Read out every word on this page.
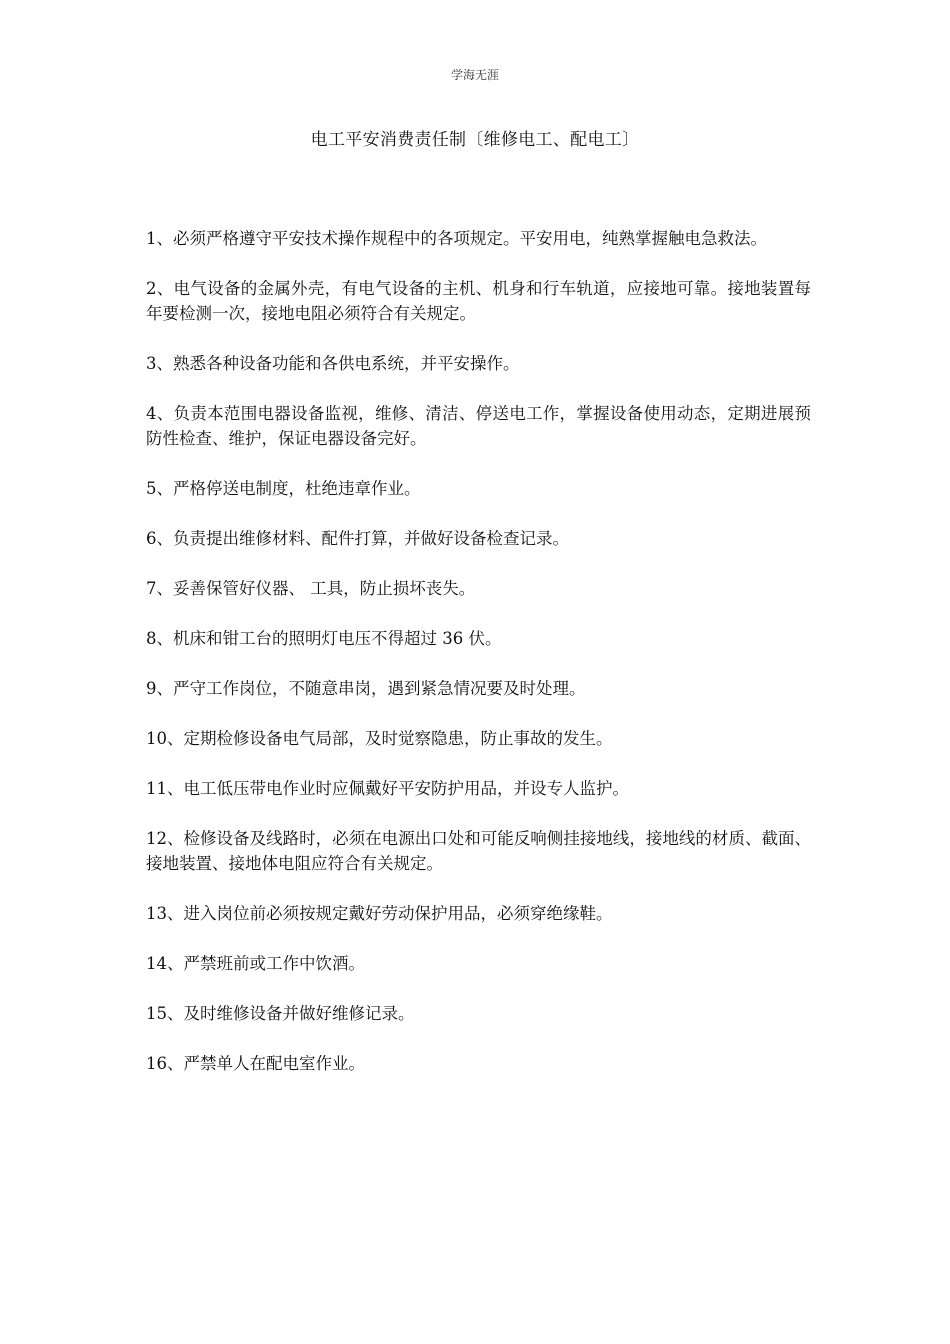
学海无涯
电工平安消费责任制〔维修电工、配电工〕
1、必须严格遵守平安技术操作规程中的各项规定。平安用电，纯熟掌握触电急救法。
2、电气设备的金属外壳，有电气设备的主机、机身和行车轨道，应接地可靠。接地装置每年要检测一次，接地电阻必须符合有关规定。
3、熟悉各种设备功能和各供电系统，并平安操作。
4、负责本范围电器设备监视，维修、清洁、停送电工作，掌握设备使用动态，定期进展预防性检查、维护，保证电器设备完好。
5、严格停送电制度，杜绝违章作业。
6、负责提出维修材料、配件打算，并做好设备检查记录。
7、妥善保管好仪器、 工具，防止损坏丧失。
8、机床和钳工台的照明灯电压不得超过 36 伏。
9、严守工作岗位，不随意串岗，遇到紧急情况要及时处理。
10、定期检修设备电气局部，及时觉察隐患，防止事故的发生。
11、电工低压带电作业时应佩戴好平安防护用品，并设专人监护。
12、检修设备及线路时，必须在电源出口处和可能反响侧挂接地线，接地线的材质、截面、接地装置、接地体电阻应符合有关规定。
13、进入岗位前必须按规定戴好劳动保护用品，必须穿绝缘鞋。
14、严禁班前或工作中饮酒。
15、及时维修设备并做好维修记录。
16、严禁单人在配电室作业。
